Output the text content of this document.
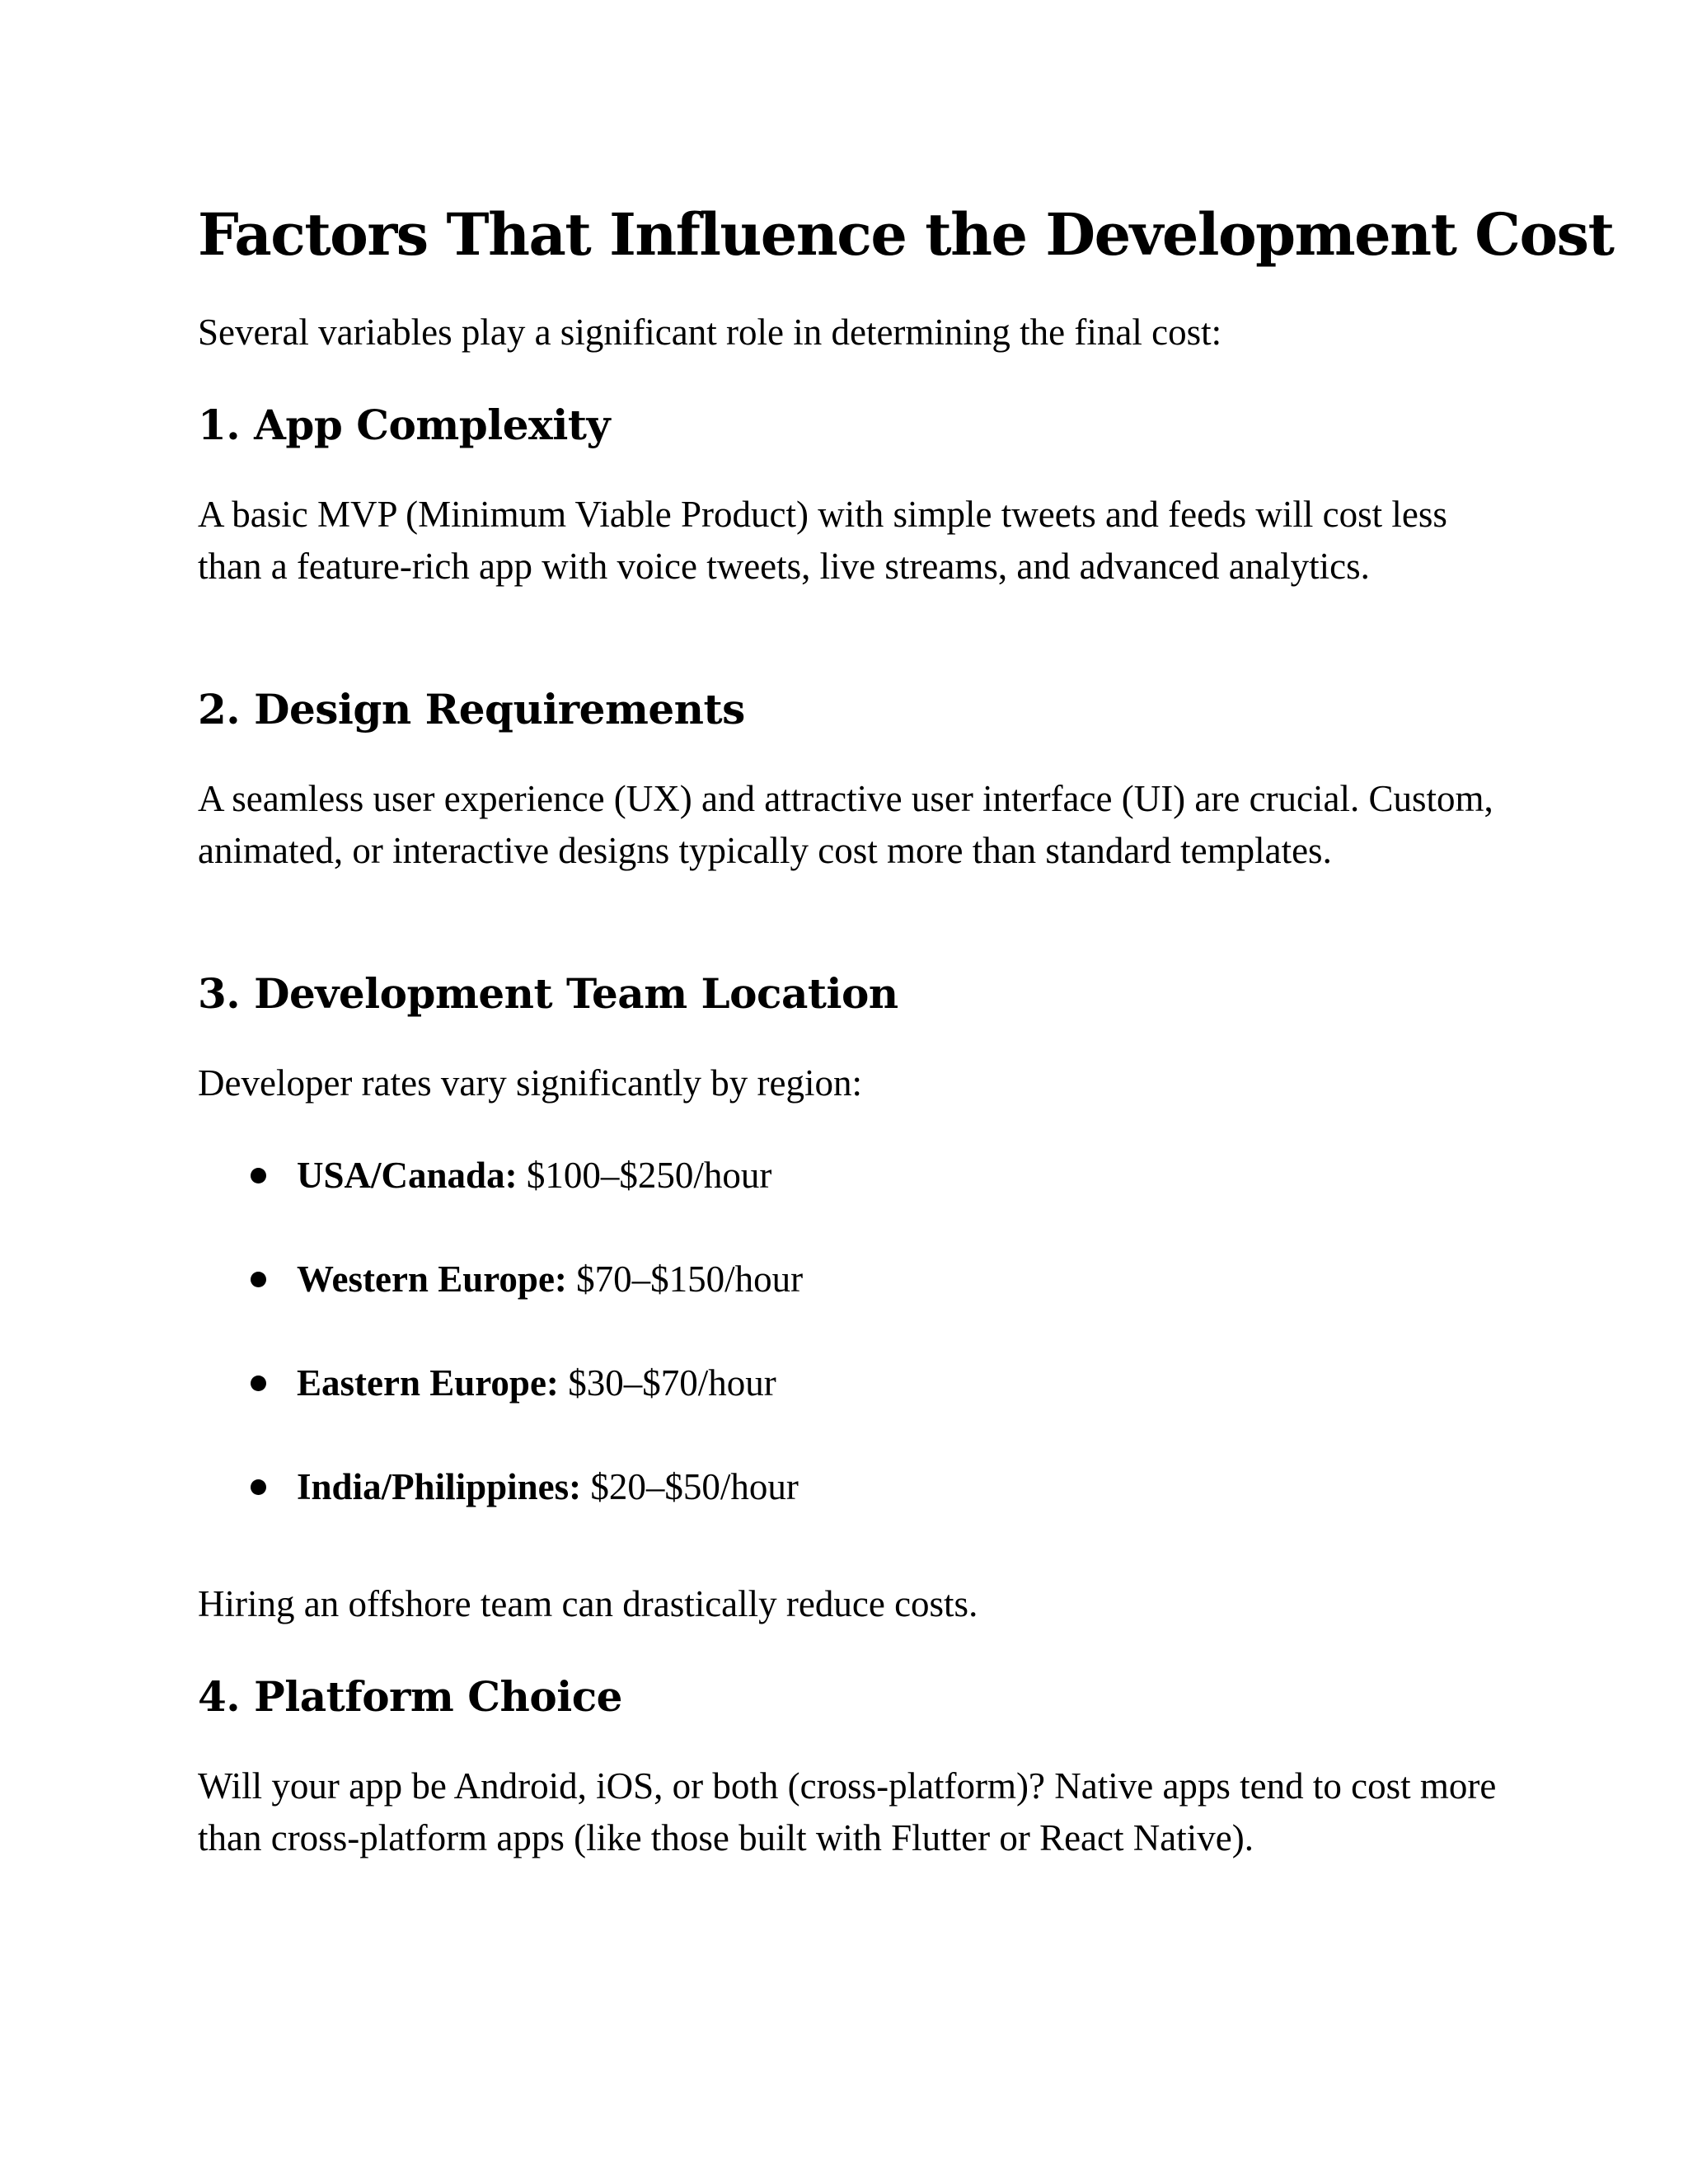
Factors That Influence the Development Cost

Several variables play a significant role in determining the final cost:

1. App Complexity

A basic MVP (Minimum Viable Product) with simple tweets and feeds will cost less than a feature-rich app with voice tweets, live streams, and advanced analytics.

2. Design Requirements

A seamless user experience (UX) and attractive user interface (UI) are crucial. Custom, animated, or interactive designs typically cost more than standard templates.

3. Development Team Location

Developer rates vary significantly by region:

USA/Canada: $100–$250/hour
Western Europe: $70–$150/hour
Eastern Europe: $30–$70/hour
India/Philippines: $20–$50/hour

Hiring an offshore team can drastically reduce costs.

4. Platform Choice

Will your app be Android, iOS, or both (cross-platform)? Native apps tend to cost more than cross-platform apps (like those built with Flutter or React Native).
